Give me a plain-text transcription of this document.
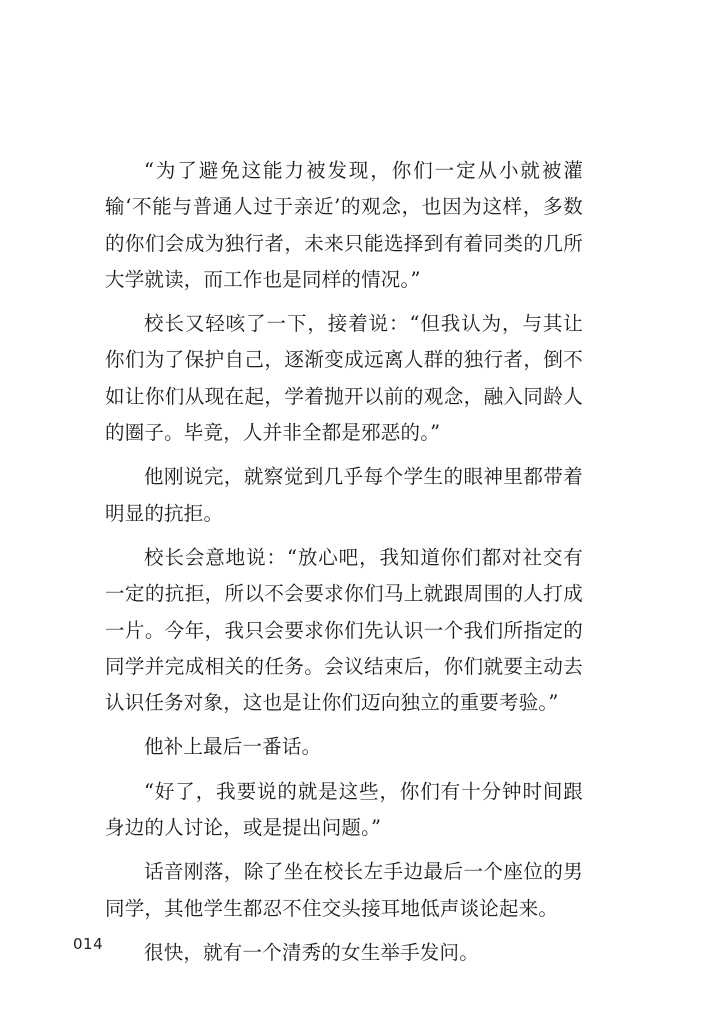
“为了避免这能力被发现，你们一定从小就被灌输‘不能与普通人过于亲近’的观念，也因为这样，多数的你们会成为独行者，未来只能选择到有着同类的几所大学就读，而工作也是同样的情况。”

校长又轻咳了一下，接着说：“但我认为，与其让你们为了保护自己，逐渐变成远离人群的独行者，倒不如让你们从现在起，学着抛开以前的观念，融入同龄人的圈子。毕竟，人并非全都是邪恶的。”

他刚说完，就察觉到几乎每个学生的眼神里都带着明显的抗拒。

校长会意地说：“放心吧，我知道你们都对社交有一定的抗拒，所以不会要求你们马上就跟周围的人打成一片。今年，我只会要求你们先认识一个我们所指定的同学并完成相关的任务。会议结束后，你们就要主动去认识任务对象，这也是让你们迈向独立的重要考验。”

他补上最后一番话。

“好了，我要说的就是这些，你们有十分钟时间跟身边的人讨论，或是提出问题。”

话音刚落，除了坐在校长左手边最后一个座位的男同学，其他学生都忍不住交头接耳地低声谈论起来。

很快，就有一个清秀的女生举手发问。

014
